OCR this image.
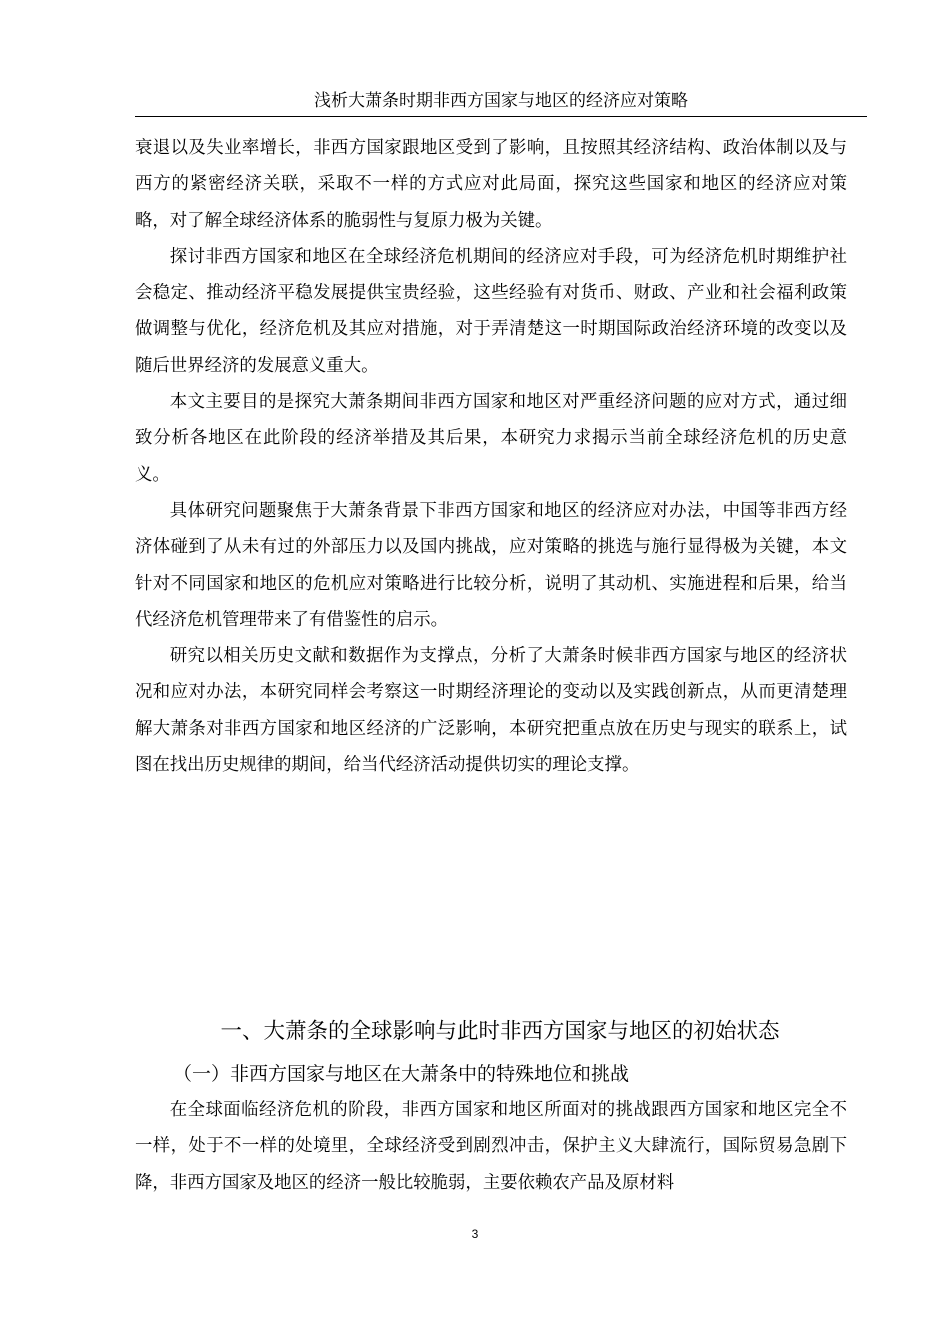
浅析大萧条时期非西方国家与地区的经济应对策略

衰退以及失业率增长，非西方国家跟地区受到了影响，且按照其经济结构、政治体制以及与西方的紧密经济关联，采取不一样的方式应对此局面，探究这些国家和地区的经济应对策略，对了解全球经济体系的脆弱性与复原力极为关键。

探讨非西方国家和地区在全球经济危机期间的经济应对手段，可为经济危机时期维护社会稳定、推动经济平稳发展提供宝贵经验，这些经验有对货币、财政、产业和社会福利政策做调整与优化，经济危机及其应对措施，对于弄清楚这一时期国际政治经济环境的改变以及随后世界经济的发展意义重大。

本文主要目的是探究大萧条期间非西方国家和地区对严重经济问题的应对方式，通过细致分析各地区在此阶段的经济举措及其后果，本研究力求揭示当前全球经济危机的历史意义。

具体研究问题聚焦于大萧条背景下非西方国家和地区的经济应对办法，中国等非西方经济体碰到了从未有过的外部压力以及国内挑战，应对策略的挑选与施行显得极为关键，本文针对不同国家和地区的危机应对策略进行比较分析，说明了其动机、实施进程和后果，给当代经济危机管理带来了有借鉴性的启示。

研究以相关历史文献和数据作为支撑点，分析了大萧条时候非西方国家与地区的经济状况和应对办法，本研究同样会考察这一时期经济理论的变动以及实践创新点，从而更清楚理解大萧条对非西方国家和地区经济的广泛影响，本研究把重点放在历史与现实的联系上，试图在找出历史规律的期间，给当代经济活动提供切实的理论支撑。

一、大萧条的全球影响与此时非西方国家与地区的初始状态
（一）非西方国家与地区在大萧条中的特殊地位和挑战

在全球面临经济危机的阶段，非西方国家和地区所面对的挑战跟西方国家和地区完全不一样，处于不一样的处境里，全球经济受到剧烈冲击，保护主义大肆流行，国际贸易急剧下降，非西方国家及地区的经济一般比较脆弱，主要依赖农产品及原材料

3
